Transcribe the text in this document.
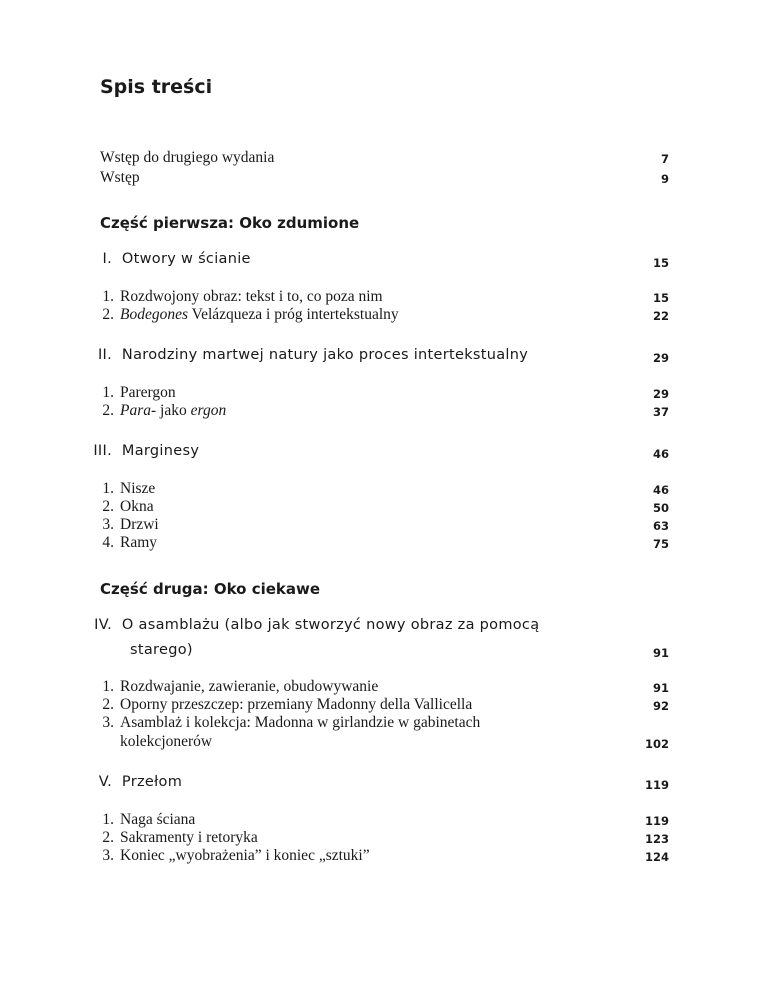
Spis treści
Wstęp do drugiego wydania	7
Wstęp	9
Część pierwsza: Oko zdumione
I. Otwory w ścianie	15
1. Rozdwojony obraz: tekst i to, co poza nim	15
2. Bodegones Velázqueza i próg intertekstualny	22
II. Narodziny martwej natury jako proces intertekstualny	29
1. Parergon	29
2. Para- jako ergon	37
III. Marginesy	46
1. Nisze	46
2. Okna	50
3. Drzwi	63
4. Ramy	75
Część druga: Oko ciekawe
IV. O asamblażu (albo jak stworzyć nowy obraz za pomocą
starego)	91
1. Rozdwajanie, zawieranie, obudowywanie	91
2. Oporny przeszczep: przemiany Madonny della Vallicella	92
3. Asamblaż i kolekcja: Madonna w girlandzie w gabinetach
kolekcjonerów	102
V. Przełom	119
1. Naga ściana	119
2. Sakramenty i retoryka	123
3. Koniec „wyobrażenia” i koniec „sztuki”	124
